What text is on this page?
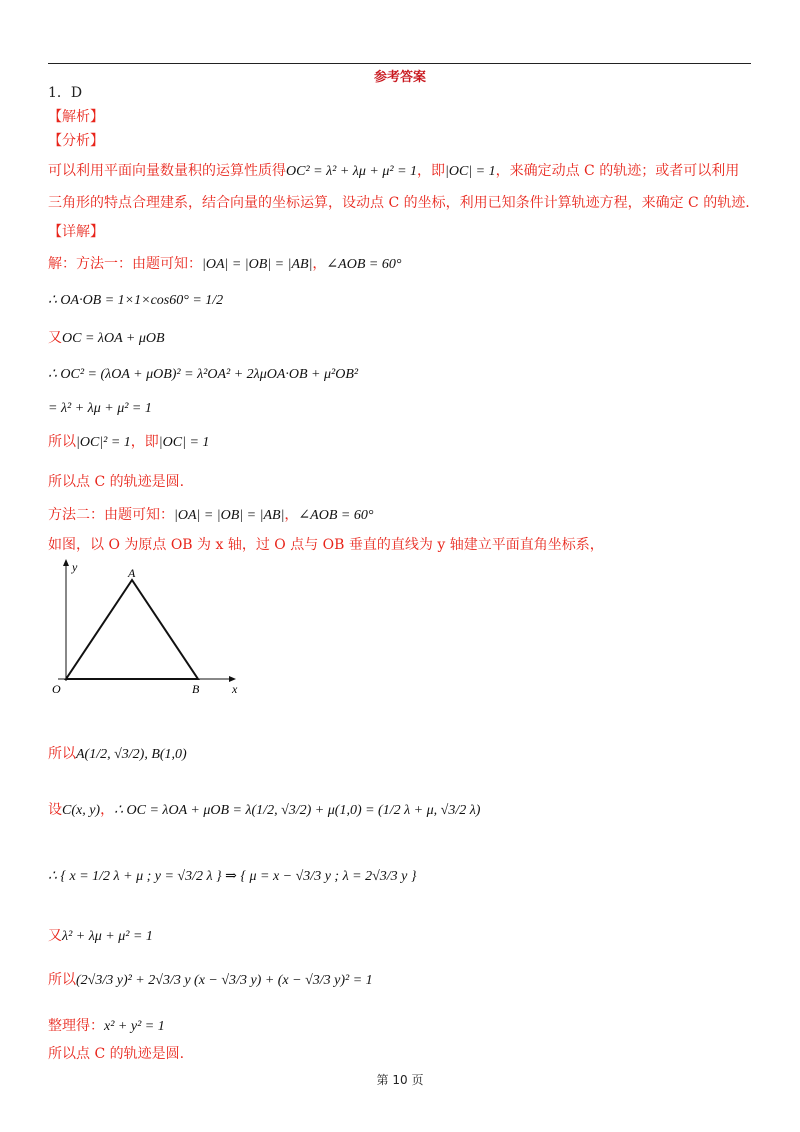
参考答案
1．D
【解析】
【分析】
可以利用平面向量数量积的运算性质得OC² = λ² + λμ + μ² = 1，即|OC| = 1，来确定动点 C 的轨迹；或者可以利用
三角形的特点合理建系，结合向量的坐标运算，设动点 C 的坐标，利用已知条件计算轨迹方程，来确定 C 的轨迹.
【详解】
解：方法一：由题可知：|OA| = |OB| = |AB|，∠AOB = 60°
∴ OA·OB = 1×1×cos60° = 1/2
又OC = λOA + μOB
∴ OC² = (λOA + μOB)² = λ²OA² + 2λμOA·OB + μ²OB²
= λ² + λμ + μ² = 1
所以|OC|² = 1，即|OC| = 1
所以点 C 的轨迹是圆.
方法二：由题可知：|OA| = |OB| = |AB|，∠AOB = 60°
如图，以 O 为原点 OB 为 x 轴，过 O 点与 OB 垂直的直线为 y 轴建立平面直角坐标系，
y
x
O
A
B
所以A(1/2, √3/2), B(1,0)
设C(x, y)，∴ OC = λOA + μOB = λ(1/2, √3/2) + μ(1,0) = (1/2 λ + μ, √3/2 λ)
∴ { x = 1/2 λ + μ ; y = √3/2 λ } ⇒ { μ = x − √3/3 y ; λ = 2√3/3 y }
又λ² + λμ + μ² = 1
所以(2√3/3 y)² + 2√3/3 y (x − √3/3 y) + (x − √3/3 y)² = 1
整理得：x² + y² = 1
所以点 C 的轨迹是圆.
第 10 页
